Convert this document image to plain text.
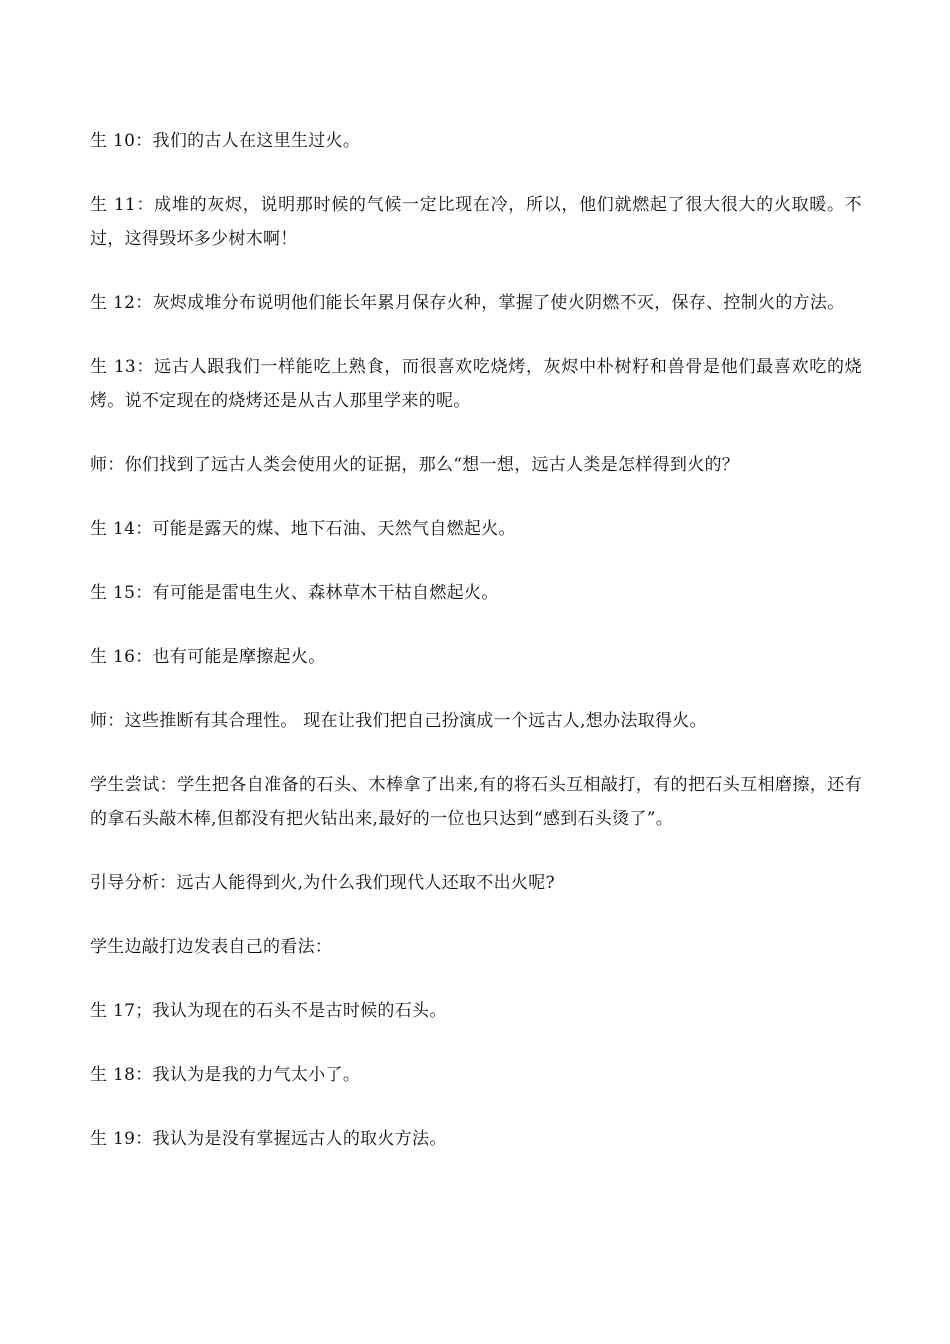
生 10：我们的古人在这里生过火。

生 11：成堆的灰烬，说明那时候的气候一定比现在冷，所以，他们就燃起了很大很大的火取暖。不过，这得毁坏多少树木啊！

生 12：灰烬成堆分布说明他们能长年累月保存火种，掌握了使火阴燃不灭，保存、控制火的方法。

生 13：远古人跟我们一样能吃上熟食，而很喜欢吃烧烤，灰烬中朴树籽和兽骨是他们最喜欢吃的烧烤。说不定现在的烧烤还是从古人那里学来的呢。

师：你们找到了远古人类会使用火的证据，那么“想一想，远古人类是怎样得到火的？

生 14：可能是露天的煤、地下石油、天然气自燃起火。

生 15：有可能是雷电生火、森林草木干枯自燃起火。

生 16：也有可能是摩擦起火。

师：这些推断有其合理性。 现在让我们把自己扮演成一个远古人,想办法取得火。

学生尝试：学生把各自准备的石头、木棒拿了出来,有的将石头互相敲打，有的把石头互相磨擦，还有的拿石头敲木棒,但都没有把火钻出来,最好的一位也只达到“感到石头烫了”。

引导分析：远古人能得到火,为什么我们现代人还取不出火呢?

学生边敲打边发表自己的看法：

生 17；我认为现在的石头不是古时候的石头。

生 18：我认为是我的力气太小了。

生 19：我认为是没有掌握远古人的取火方法。
